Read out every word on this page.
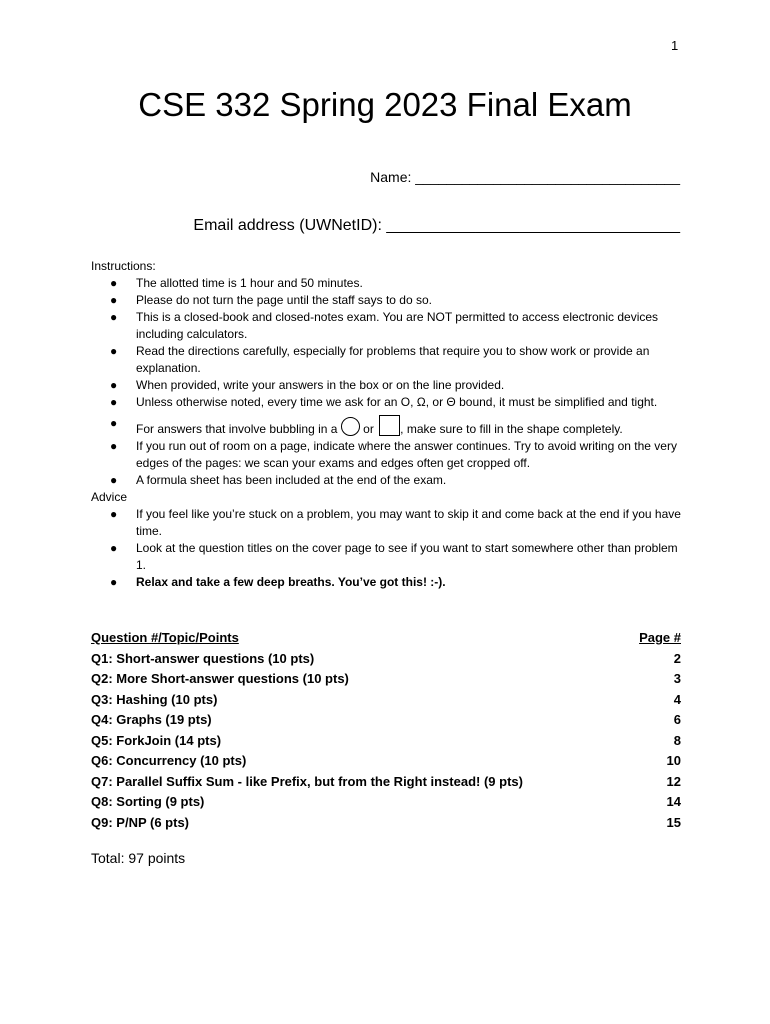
1
CSE 332 Spring 2023 Final Exam
Name: __________________________________
Email address (UWNetID): _________________________________
Instructions:
● The allotted time is 1 hour and 50 minutes.
● Please do not turn the page until the staff says to do so.
● This is a closed-book and closed-notes exam. You are NOT permitted to access electronic devices including calculators.
● Read the directions carefully, especially for problems that require you to show work or provide an explanation.
● When provided, write your answers in the box or on the line provided.
● Unless otherwise noted, every time we ask for an O, Ω, or Θ bound, it must be simplified and tight.
● For answers that involve bubbling in a or , make sure to fill in the shape completely.
● If you run out of room on a page, indicate where the answer continues. Try to avoid writing on the very edges of the pages: we scan your exams and edges often get cropped off.
● A formula sheet has been included at the end of the exam.
Advice
● If you feel like you’re stuck on a problem, you may want to skip it and come back at the end if you have time.
● Look at the question titles on the cover page to see if you want to start somewhere other than problem 1.
● Relax and take a few deep breaths. You’ve got this! :-).
Question #/Topic/Points	Page #
Q1: Short-answer questions (10 pts)	2
Q2: More Short-answer questions (10 pts)	3
Q3: Hashing (10 pts)	4
Q4: Graphs (19 pts)	6
Q5: ForkJoin (14 pts)	8
Q6: Concurrency (10 pts)	10
Q7: Parallel Suffix Sum - like Prefix, but from the Right instead! (9 pts)	12
Q8: Sorting (9 pts)	14
Q9: P/NP (6 pts)	15
Total: 97 points
